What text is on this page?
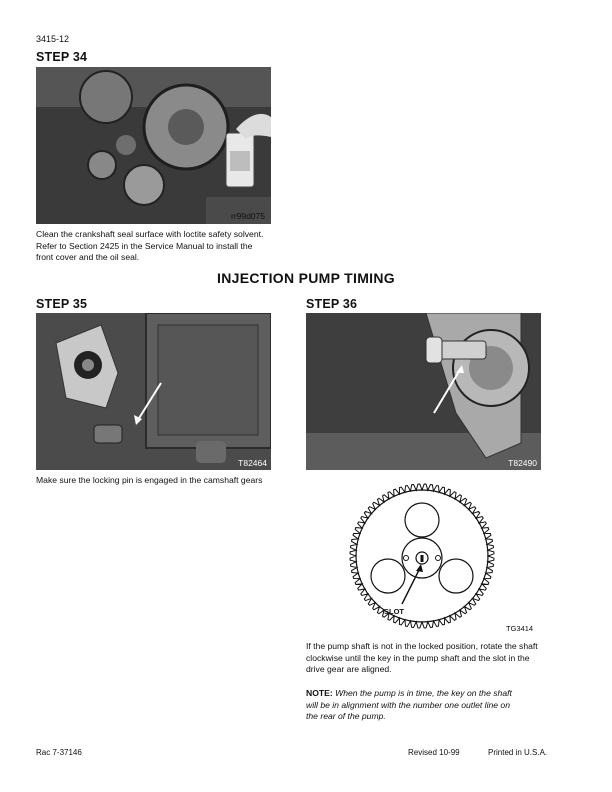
3415-12
STEP 34
rr99d075
Clean the crankshaft seal surface with loctite safety solvent.
Refer to Section 2425 in the Service Manual to install the
front cover and the oil seal.
INJECTION PUMP TIMING
STEP 35
T82464
Make sure the locking pin is engaged in the camshaft gears
STEP 36
T82490
SLOT
TG3414
If the pump shaft is not in the locked position, rotate the shaft
clockwise until the key in the pump shaft and the slot in the
drive gear are aligned.
NOTE: When the pump is in time, the key on the shaft
will be in alignment with the number one outlet line on
the rear of the pump.
Rac 7-37146	Revised 10-99	Printed in U.S.A.
